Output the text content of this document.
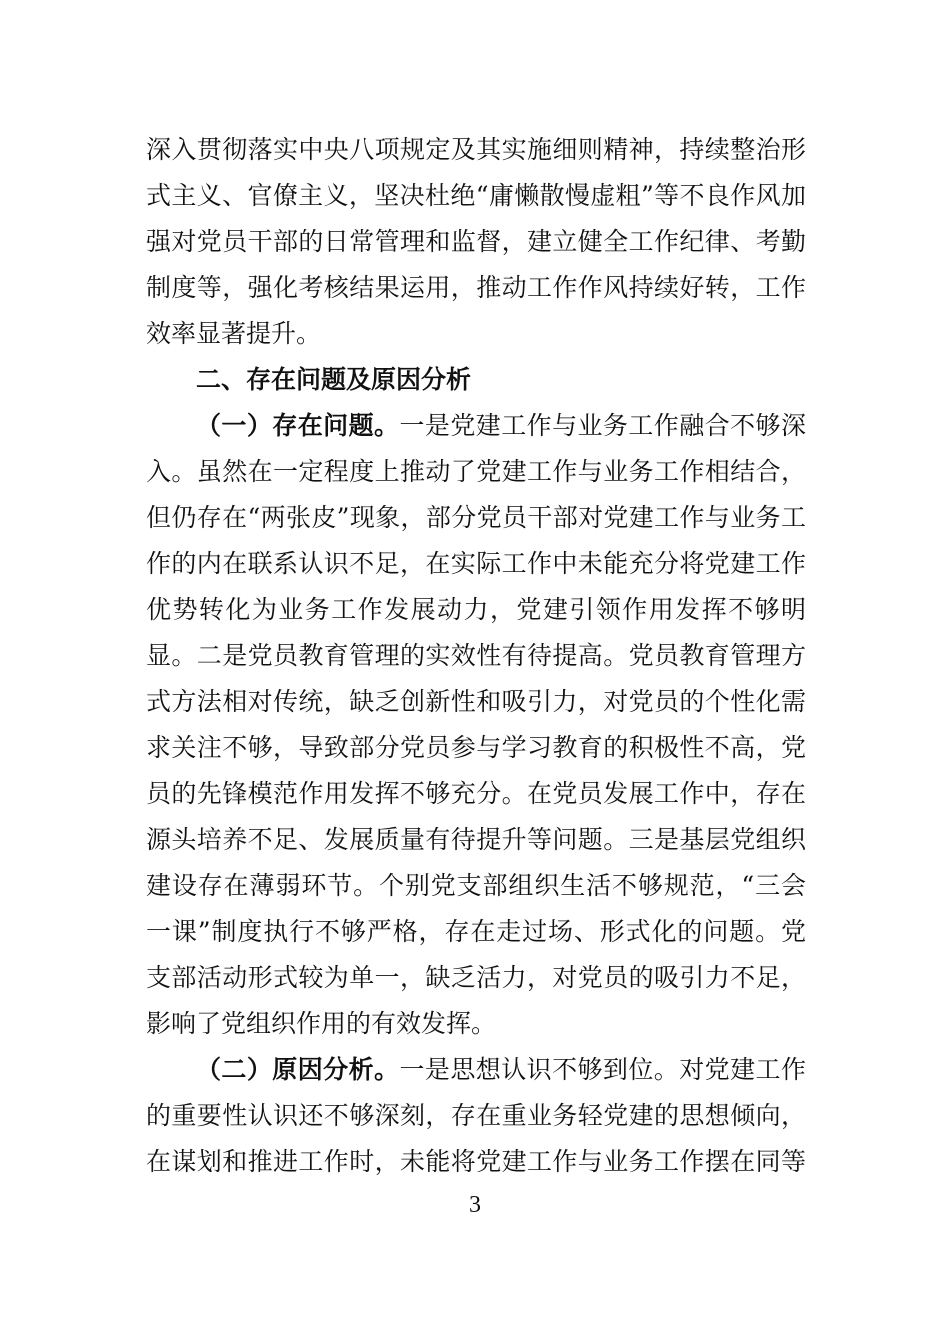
深入贯彻落实中央八项规定及其实施细则精神，持续整治形式主义、官僚主义，坚决杜绝“庸懒散慢虚粗”等不良作风加强对党员干部的日常管理和监督，建立健全工作纪律、考勤制度等，强化考核结果运用，推动工作作风持续好转，工作效率显著提升。

二、存在问题及原因分析

（一）存在问题。一是党建工作与业务工作融合不够深入。虽然在一定程度上推动了党建工作与业务工作相结合，但仍存在“两张皮”现象，部分党员干部对党建工作与业务工作的内在联系认识不足，在实际工作中未能充分将党建工作优势转化为业务工作发展动力，党建引领作用发挥不够明显。二是党员教育管理的实效性有待提高。党员教育管理方式方法相对传统，缺乏创新性和吸引力，对党员的个性化需求关注不够，导致部分党员参与学习教育的积极性不高，党员的先锋模范作用发挥不够充分。在党员发展工作中，存在源头培养不足、发展质量有待提升等问题。三是基层党组织建设存在薄弱环节。个别党支部组织生活不够规范，“三会一课”制度执行不够严格，存在走过场、形式化的问题。党支部活动形式较为单一，缺乏活力，对党员的吸引力不足，影响了党组织作用的有效发挥。

（二）原因分析。一是思想认识不够到位。对党建工作的重要性认识还不够深刻，存在重业务轻党建的思想倾向，在谋划和推进工作时，未能将党建工作与业务工作摆在同等

3
